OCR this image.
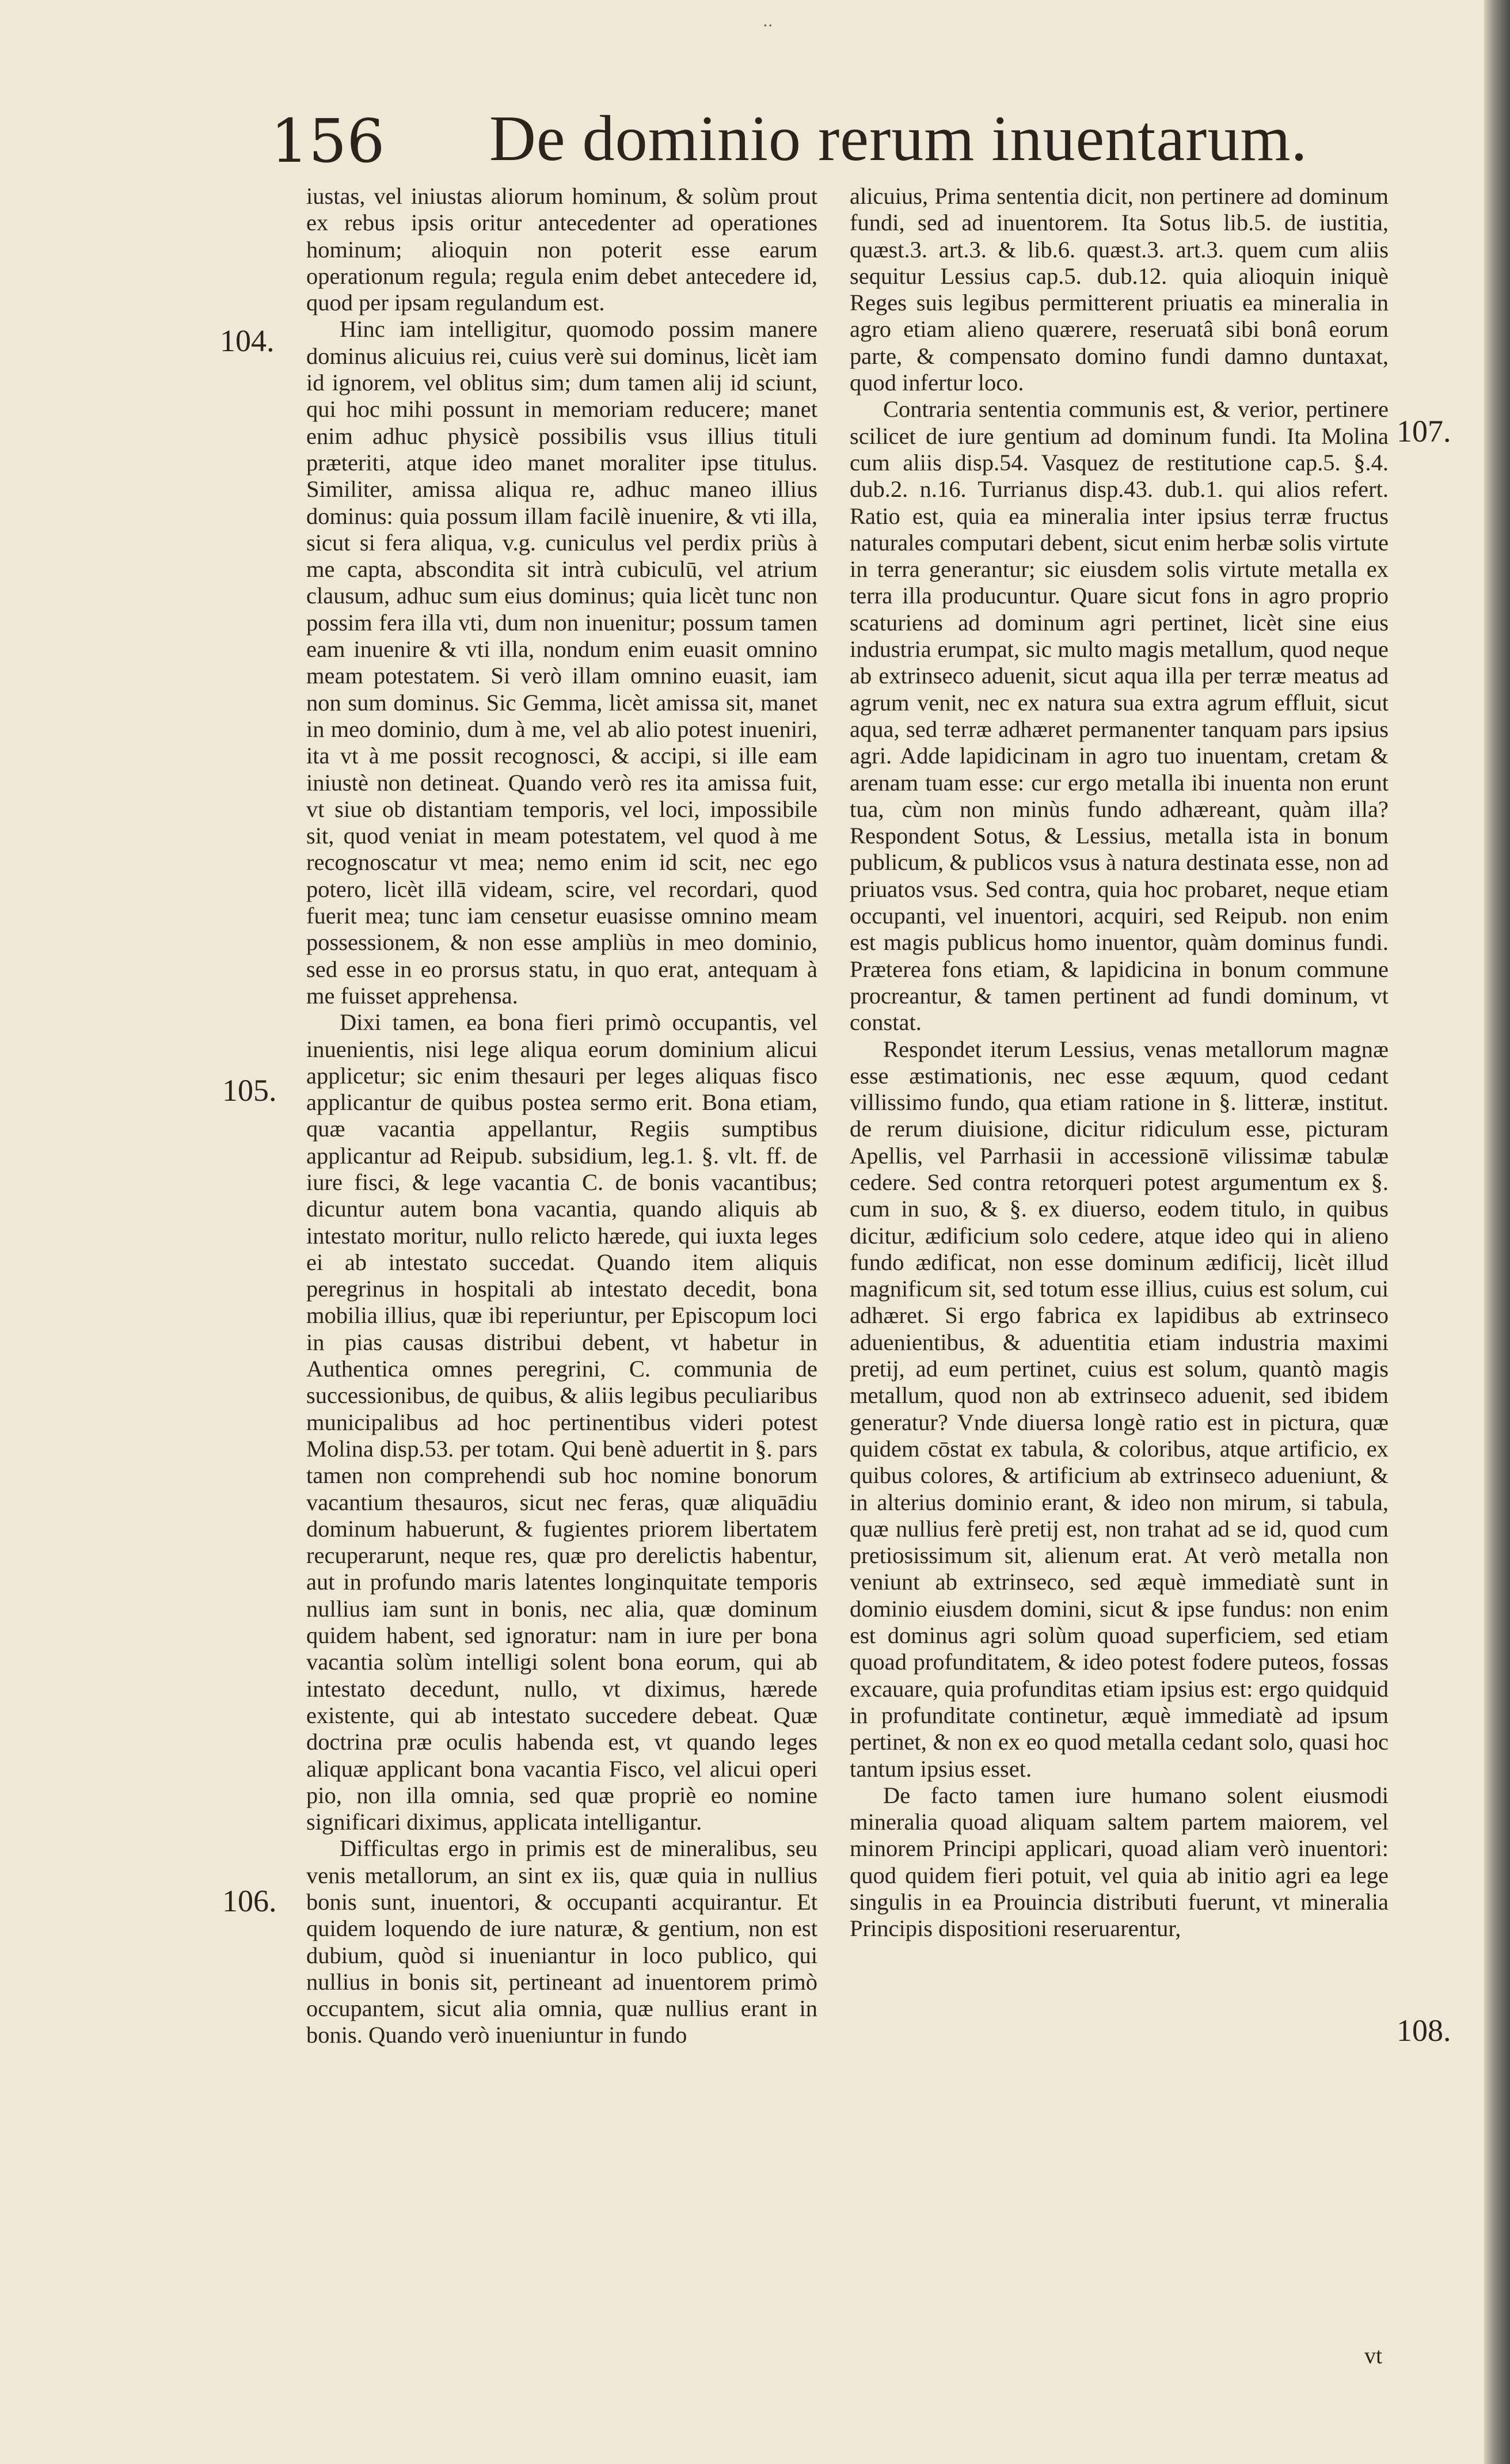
··
156 De dominio rerum inuentarum.
104.
105.
106.
107.
108.

iustas, vel iniustas aliorum hominum, & solùm prout ex rebus ipsis oritur antecedenter ad operationes hominum; alioquin non poterit esse earum operationum regula; regula enim debet antecedere id, quod per ipsam regulandum est.

Hinc iam intelligitur, quomodo possim manere dominus alicuius rei, cuius verè sui dominus, licèt iam id ignorem, vel oblitus sim; dum tamen alij id sciunt, qui hoc mihi possunt in memoriam reducere; manet enim adhuc physicè possibilis vsus illius tituli præteriti, atque ideo manet moraliter ipse titulus. Similiter, amissa aliqua re, adhuc maneo illius dominus: quia possum illam facilè inuenire, & vti illa, sicut si fera aliqua, v.g. cuniculus vel perdix priùs à me capta, abscondita sit intrà cubiculū, vel atrium clausum, adhuc sum eius dominus; quia licèt tunc non possim fera illa vti, dum non inuenitur; possum tamen eam inuenire & vti illa, nondum enim euasit omnino meam potestatem. Si verò illam omnino euasit, iam non sum dominus. Sic Gemma, licèt amissa sit, manet in meo dominio, dum à me, vel ab alio potest inueniri, ita vt à me possit recognosci, & accipi, si ille eam iniustè non detineat. Quando verò res ita amissa fuit, vt siue ob distantiam temporis, vel loci, impossibile sit, quod veniat in meam potestatem, vel quod à me recognoscatur vt mea; nemo enim id scit, nec ego potero, licèt illā videam, scire, vel recordari, quod fuerit mea; tunc iam censetur euasisse omnino meam possessionem, & non esse ampliùs in meo dominio, sed esse in eo prorsus statu, in quo erat, antequam à me fuisset apprehensa.

Dixi tamen, ea bona fieri primò occupantis, vel inuenientis, nisi lege aliqua eorum dominium alicui applicetur; sic enim thesauri per leges aliquas fisco applicantur de quibus postea sermo erit. Bona etiam, quæ vacantia appellantur, Regiis sumptibus applicantur ad Reipub. subsidium, leg.1. §. vlt. ff. de iure fisci, & lege vacantia C. de bonis vacantibus; dicuntur autem bona vacantia, quando aliquis ab intestato moritur, nullo relicto hærede, qui iuxta leges ei ab intestato succedat. Quando item aliquis peregrinus in hospitali ab intestato decedit, bona mobilia illius, quæ ibi reperiuntur, per Episcopum loci in pias causas distribui debent, vt habetur in Authentica omnes peregrini, C. communia de successionibus, de quibus, & aliis legibus peculiaribus municipalibus ad hoc pertinentibus videri potest Molina disp.53. per totam. Qui benè aduertit in §. pars tamen non comprehendi sub hoc nomine bonorum vacantium thesauros, sicut nec feras, quæ aliquādiu dominum habuerunt, & fugientes priorem libertatem recuperarunt, neque res, quæ pro derelictis habentur, aut in profundo maris latentes longinquitate temporis nullius iam sunt in bonis, nec alia, quæ dominum quidem habent, sed ignoratur: nam in iure per bona vacantia solùm intelligi solent bona eorum, qui ab intestato decedunt, nullo, vt diximus, hærede existente, qui ab intestato succedere debeat. Quæ doctrina præ oculis habenda est, vt quando leges aliquæ applicant bona vacantia Fisco, vel alicui operi pio, non illa omnia, sed quæ propriè eo nomine significari diximus, applicata intelligantur.

Difficultas ergo in primis est de mineralibus, seu venis metallorum, an sint ex iis, quæ quia in nullius bonis sunt, inuentori, & occupanti acquirantur. Et quidem loquendo de iure naturæ, & gentium, non est dubium, quòd si inueniantur in loco publico, qui nullius in bonis sit, pertineant ad inuentorem primò occupantem, sicut alia omnia, quæ nullius erant in bonis. Quando verò inueniuntur in fundo

alicuius, Prima sententia dicit, non pertinere ad dominum fundi, sed ad inuentorem. Ita Sotus lib.5. de iustitia, quæst.3. art.3. & lib.6. quæst.3. art.3. quem cum aliis sequitur Lessius cap.5. dub.12. quia alioquin iniquè Reges suis legibus permitterent priuatis ea mineralia in agro etiam alieno quærere, reseruatâ sibi bonâ eorum parte, & compensato domino fundi damno duntaxat, quod infertur loco.

Contraria sententia communis est, & verior, pertinere scilicet de iure gentium ad dominum fundi. Ita Molina cum aliis disp.54. Vasquez de restitutione cap.5. §.4. dub.2. n.16. Turrianus disp.43. dub.1. qui alios refert. Ratio est, quia ea mineralia inter ipsius terræ fructus naturales computari debent, sicut enim herbæ solis virtute in terra generantur; sic eiusdem solis virtute metalla ex terra illa producuntur. Quare sicut fons in agro proprio scaturiens ad dominum agri pertinet, licèt sine eius industria erumpat, sic multo magis metallum, quod neque ab extrinseco aduenit, sicut aqua illa per terræ meatus ad agrum venit, nec ex natura sua extra agrum effluit, sicut aqua, sed terræ adhæret permanenter tanquam pars ipsius agri. Adde lapidicinam in agro tuo inuentam, cretam & arenam tuam esse: cur ergo metalla ibi inuenta non erunt tua, cùm non minùs fundo adhæreant, quàm illa? Respondent Sotus, & Lessius, metalla ista in bonum publicum, & publicos vsus à natura destinata esse, non ad priuatos vsus. Sed contra, quia hoc probaret, neque etiam occupanti, vel inuentori, acquiri, sed Reipub. non enim est magis publicus homo inuentor, quàm dominus fundi. Præterea fons etiam, & lapidicina in bonum commune procreantur, & tamen pertinent ad fundi dominum, vt constat.

Respondet iterum Lessius, venas metallorum magnæ esse æstimationis, nec esse æquum, quod cedant villissimo fundo, qua etiam ratione in §. litteræ, institut. de rerum diuisione, dicitur ridiculum esse, picturam Apellis, vel Parrhasii in accessionē vilissimæ tabulæ cedere. Sed contra retorqueri potest argumentum ex §. cum in suo, & §. ex diuerso, eodem titulo, in quibus dicitur, ædificium solo cedere, atque ideo qui in alieno fundo ædificat, non esse dominum ædificij, licèt illud magnificum sit, sed totum esse illius, cuius est solum, cui adhæret. Si ergo fabrica ex lapidibus ab extrinseco aduenientibus, & aduentitia etiam industria maximi pretij, ad eum pertinet, cuius est solum, quantò magis metallum, quod non ab extrinseco aduenit, sed ibidem generatur? Vnde diuersa longè ratio est in pictura, quæ quidem cōstat ex tabula, & coloribus, atque artificio, ex quibus colores, & artificium ab extrinseco adueniunt, & in alterius dominio erant, & ideo non mirum, si tabula, quæ nullius ferè pretij est, non trahat ad se id, quod cum pretiosissimum sit, alienum erat. At verò metalla non veniunt ab extrinseco, sed æquè immediatè sunt in dominio eiusdem domini, sicut & ipse fundus: non enim est dominus agri solùm quoad superficiem, sed etiam quoad profunditatem, & ideo potest fodere puteos, fossas excauare, quia profunditas etiam ipsius est: ergo quidquid in profunditate continetur, æquè immediatè ad ipsum pertinet, & non ex eo quod metalla cedant solo, quasi hoc tantum ipsius esset.

De facto tamen iure humano solent eiusmodi mineralia quoad aliquam saltem partem maiorem, vel minorem Principi applicari, quoad aliam verò inuentori: quod quidem fieri potuit, vel quia ab initio agri ea lege singulis in ea Prouincia distributi fuerunt, vt mineralia Principis dispositioni reseruarentur,

vt
